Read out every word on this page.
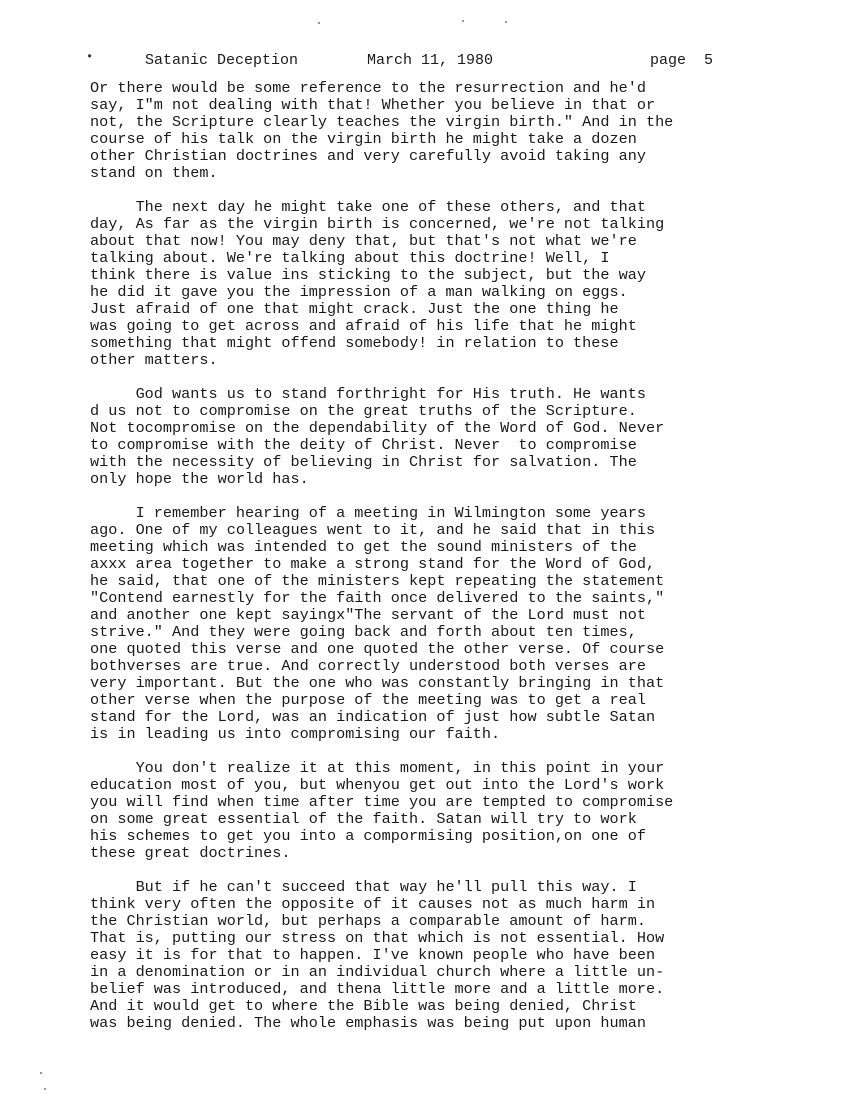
•

	Satanic Deception

	March 11, 1980

	page  5

Or there would be some reference to the resurrection and he'd
say, I"m not dealing with that! Whether you believe in that or
not, the Scripture clearly teaches the virgin birth." And in the
course of his talk on the virgin birth he might take a dozen
other Christian doctrines and very carefully avoid taking any
stand on them.
The next day he might take one of these others, and that
day, As far as the virgin birth is concerned, we're not talking
about that now! You may deny that, but that's not what we're
talking about. We're talking about this doctrine! Well, I
think there is value ins sticking to the subject, but the way
he did it gave you the impression of a man walking on eggs.
Just afraid of one that might crack. Just the one thing he
was going to get across and afraid of his life that he might
something that might offend somebody! in relation to these
other matters.
God wants us to stand forthright for His truth. He wants
d us not to compromise on the great truths of the Scripture.
Not tocompromise on the dependability of the Word of God. Never
to compromise with the deity of Christ. Never  to compromise
with the necessity of believing in Christ for salvation. The
only hope the world has.
I remember hearing of a meeting in Wilmington some years
ago. One of my colleagues went to it, and he said that in this
meeting which was intended to get the sound ministers of the
axxx area together to make a strong stand for the Word of God,
he said, that one of the ministers kept repeating the statement
"Contend earnestly for the faith once delivered to the saints,"
and another one kept sayingx"The servant of the Lord must not
strive." And they were going back and forth about ten times,
one quoted this verse and one quoted the other verse. Of course
bothverses are true. And correctly understood both verses are
very important. But the one who was constantly bringing in that
other verse when the purpose of the meeting was to get a real
stand for the Lord, was an indication of just how subtle Satan
is in leading us into compromising our faith.
You don't realize it at this moment, in this point in your
education most of you, but whenyou get out into the Lord's work
you will find when time after time you are tempted to compromise
on some great essential of the faith. Satan will try to work
his schemes to get you into a compormising position,on one of
these great doctrines.
But if he can't succeed that way he'll pull this way. I
think very often the opposite of it causes not as much harm in
the Christian world, but perhaps a comparable amount of harm.
That is, putting our stress on that which is not essential. How
easy it is for that to happen. I've known people who have been
in a denomination or in an individual church where a little un-
belief was introduced, and thena little more and a little more.
And it would get to where the Bible was being denied, Christ
was being denied. The whole emphasis was being put upon human
